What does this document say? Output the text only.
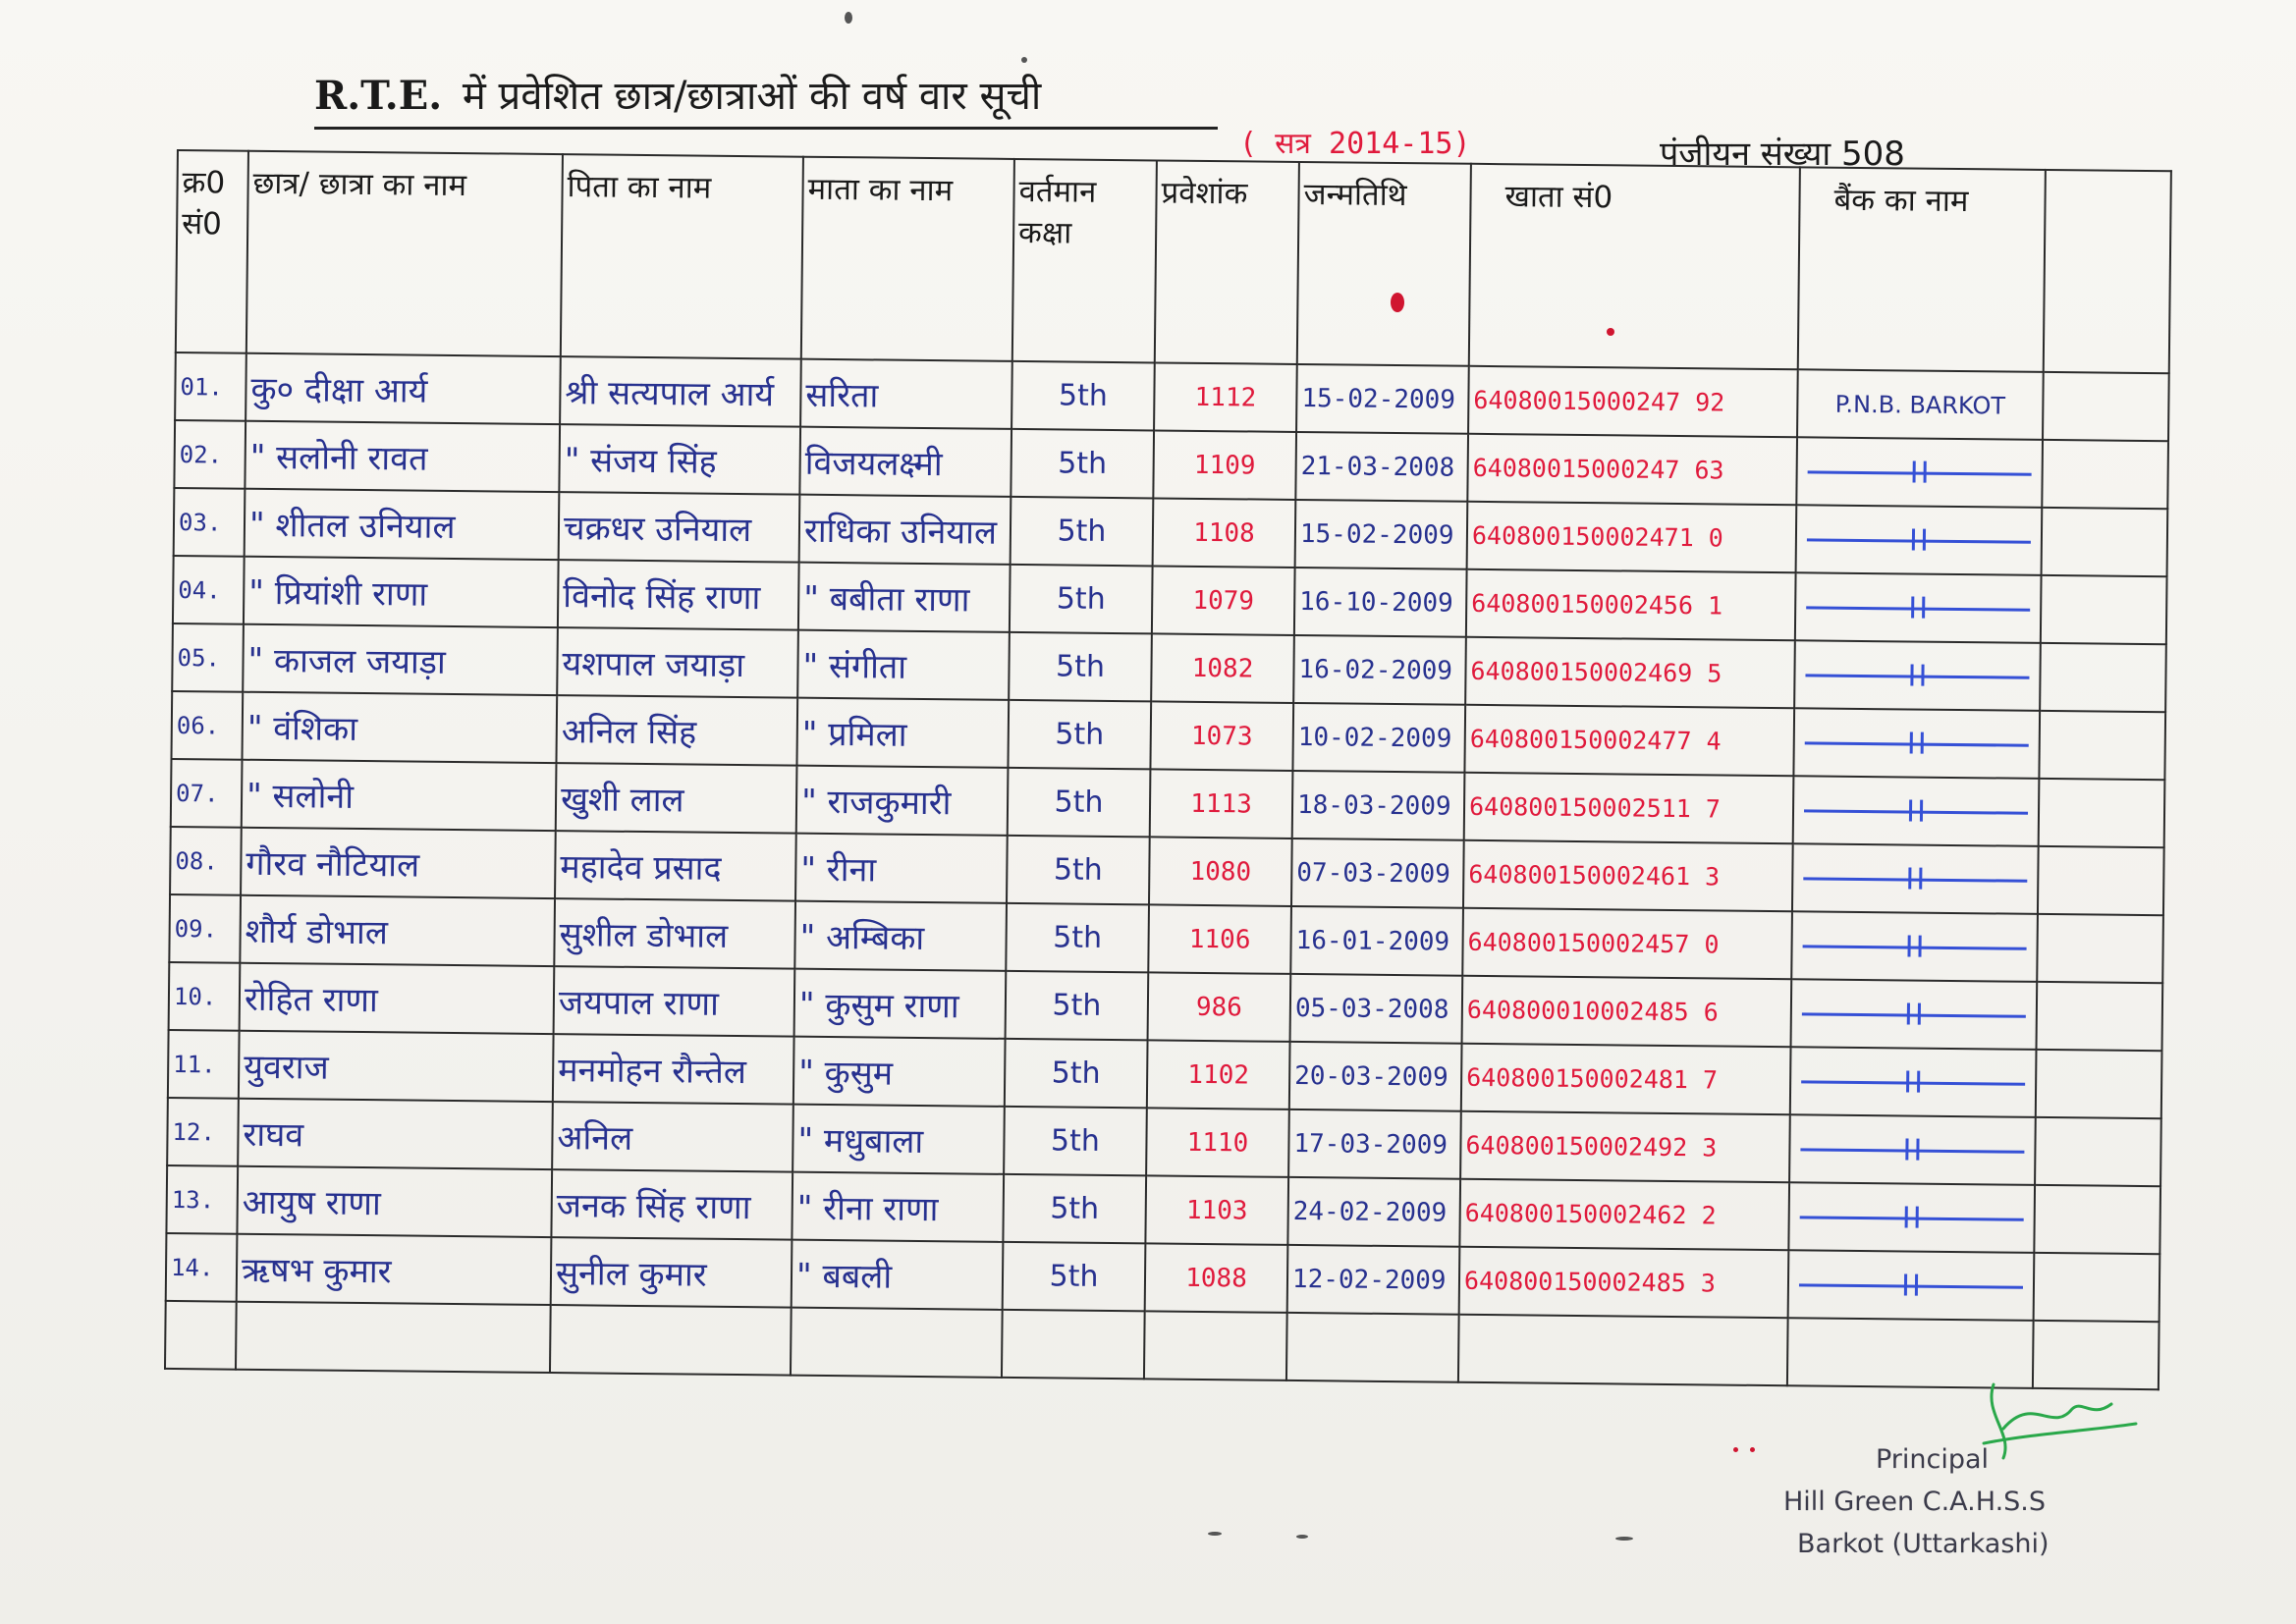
R.T.E. में प्रवेशित छात्र/छात्राओं की वर्ष वार सूची
( सत्र 2014-15)	पंजीयन संख्या 508
क्र0 सं0	छात्र/ छात्रा का नाम	पिता का नाम	माता का नाम	वर्तमान कक्षा	प्रवेशांक	जन्मतिथि	खाता सं0	बैंक का नाम	
01.	कु० दीक्षा आर्य	श्री सत्यपाल आर्य	सरिता	5th	1112	15-02-2009	64080015000247 92	P.N.B. BARKOT	
02.	" सलोनी रावत	" संजय सिंह	विजयलक्ष्मी	5th	1109	21-03-2008	64080015000247 63	

03.	" शीतल उनियाल	चक्रधर उनियाल	राधिका उनियाल	5th	1108	15-02-2009	640800150002471 0	

04.	" प्रियांशी राणा	विनोद सिंह राणा	" बबीता राणा	5th	1079	16-10-2009	640800150002456 1	

05.	" काजल जयाड़ा	यशपाल जयाड़ा	" संगीता	5th	1082	16-02-2009	640800150002469 5	

06.	" वंशिका	अनिल सिंह	" प्रमिला	5th	1073	10-02-2009	640800150002477 4	

07.	" सलोनी	खुशी लाल	" राजकुमारी	5th	1113	18-03-2009	640800150002511 7	

08.	गौरव नौटियाल	महादेव प्रसाद	" रीना	5th	1080	07-03-2009	640800150002461 3	

09.	शौर्य डोभाल	सुशील डोभाल	" अम्बिका	5th	1106	16-01-2009	640800150002457 0	

10.	रोहित राणा	जयपाल राणा	" कुसुम राणा	5th	986	05-03-2008	640800010002485 6	

11.	युवराज	मनमोहन रौन्तेल	" कुसुम	5th	1102	20-03-2009	640800150002481 7	

12.	राघव	अनिल	" मधुबाला	5th	1110	17-03-2009	640800150002492 3	

13.	आयुष राणा	जनक सिंह राणा	" रीना राणा	5th	1103	24-02-2009	640800150002462 2	

14.	ऋषभ कुमार	सुनील कुमार	" बबली	5th	1088	12-02-2009	640800150002485 3	

Principal
Hill Green C.A.H.S.S
Barkot (Uttarkashi)
